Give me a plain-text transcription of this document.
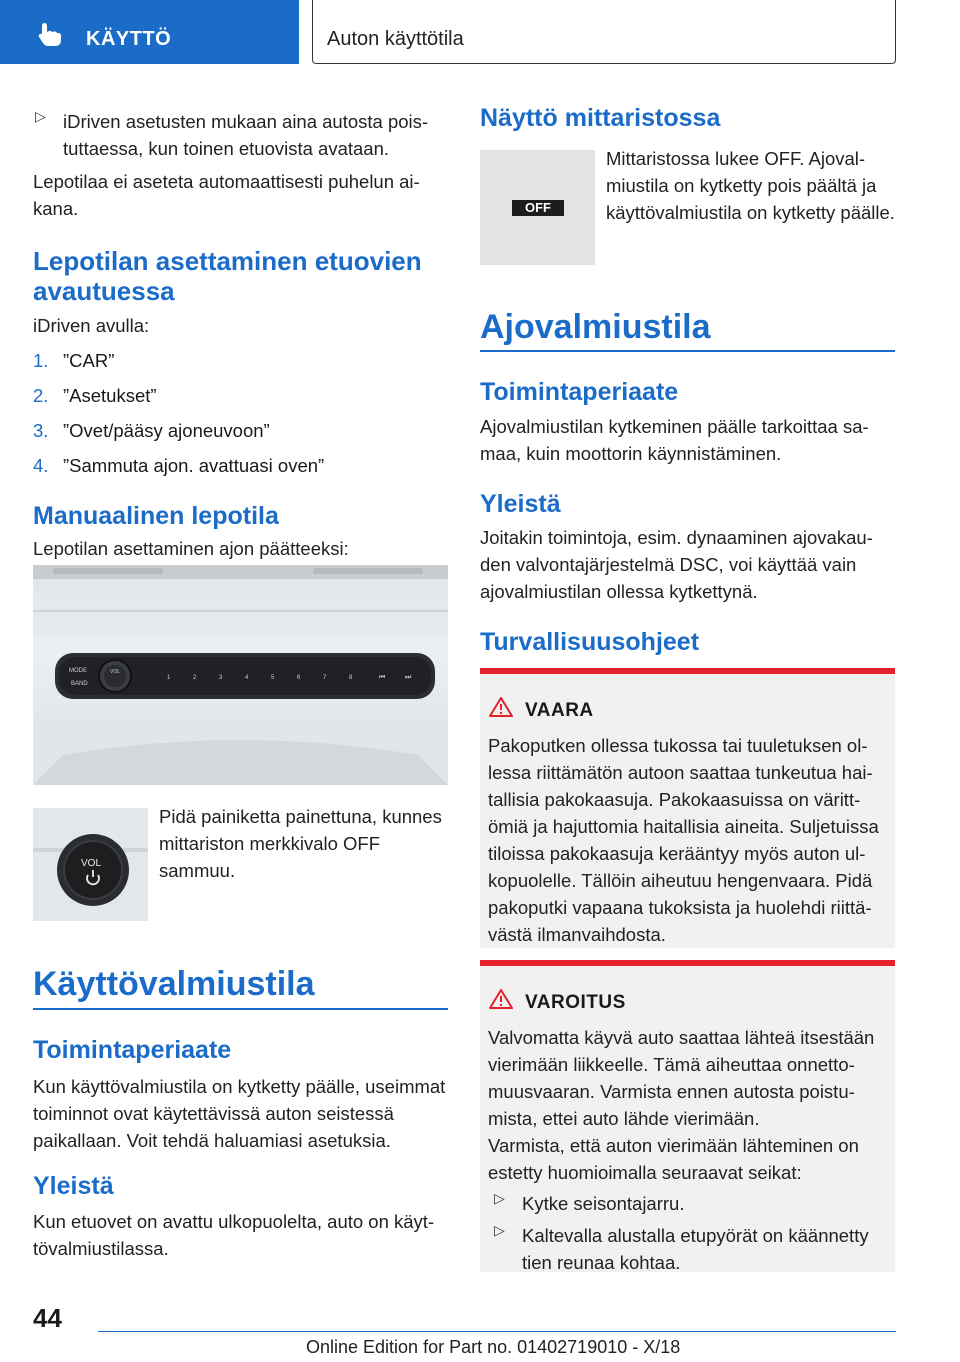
KÄYTTÖ	Auton käyttötila
▷ iDriven asetusten mukaan aina autosta poistuttaessa, kun toinen etuovista avataan.

Lepotilaa ei aseteta automaattisesti puhelun aikana.

Lepotilan asettaminen etuovien avautuessa

iDriven avulla:

1. ”CAR”
2. ”Asetukset”
3. ”Ovet/pääsy ajoneuvoon”
4. ”Sammuta ajon. avattuasi oven”
Manuaalinen lepotila

Lepotilan asettaminen ajon päätteeksi:

MODE
BAND
VOL
1	2	3	4	5	6	7	8	⏮	⏭
VOL

Pidä painiketta painettuna, kunnes mittariston merkkivalo OFF sammuu.

Käyttövalmiustila
Toimintaperiaate

Kun käyttövalmiustila on kytketty päälle, useimmat toiminnot ovat käytettävissä auton seistessä paikallaan. Voit tehdä haluamiasi asetuksia.

Yleistä

Kun etuovet on avattu ulkopuolelta, auto on käyttövalmiustilassa.

Näyttö mittaristossa
OFF

Mittaristossa lukee OFF. Ajovalmiustila on kytketty pois päältä ja käyttövalmiustila on kytketty päälle.

Ajovalmiustila
Toimintaperiaate

Ajovalmiustilan kytkeminen päälle tarkoittaa samaa, kuin moottorin käynnistäminen.

Yleistä

Joitakin toimintoja, esim. dynaaminen ajovakauden valvontajärjestelmä DSC, voi käyttää vain ajovalmiustilan ollessa kytkettynä.

Turvallisuusohjeet
VAARA

Pakoputken ollessa tukossa tai tuuletuksen ollessa riittämätön autoon saattaa tunkeutua haitallisia pakokaasuja. Pakokaasuissa on värittömiä ja hajuttomia haitallisia aineita. Suljetuissa tiloissa pakokaasuja kerääntyy myös auton ulkopuolelle. Tällöin aiheutuu hengenvaara. Pidä pakoputki vapaana tukoksista ja huolehdi riittävästä ilmanvaihdosta.

VAROITUS

Valvomatta käyvä auto saattaa lähteä itsestään vierimään liikkeelle. Tämä aiheuttaa onnettomuusvaaran. Varmista ennen autosta poistumista, ettei auto lähde vierimään.

Varmista, että auton vierimään lähteminen on estetty huomioimalla seuraavat seikat:

▷ Kytke seisontajarru.

▷ Kaltevalla alustalla etupyörät on käännetty tien reunaa kohtaa.

44
Online Edition for Part no. 01402719010 - X/18
